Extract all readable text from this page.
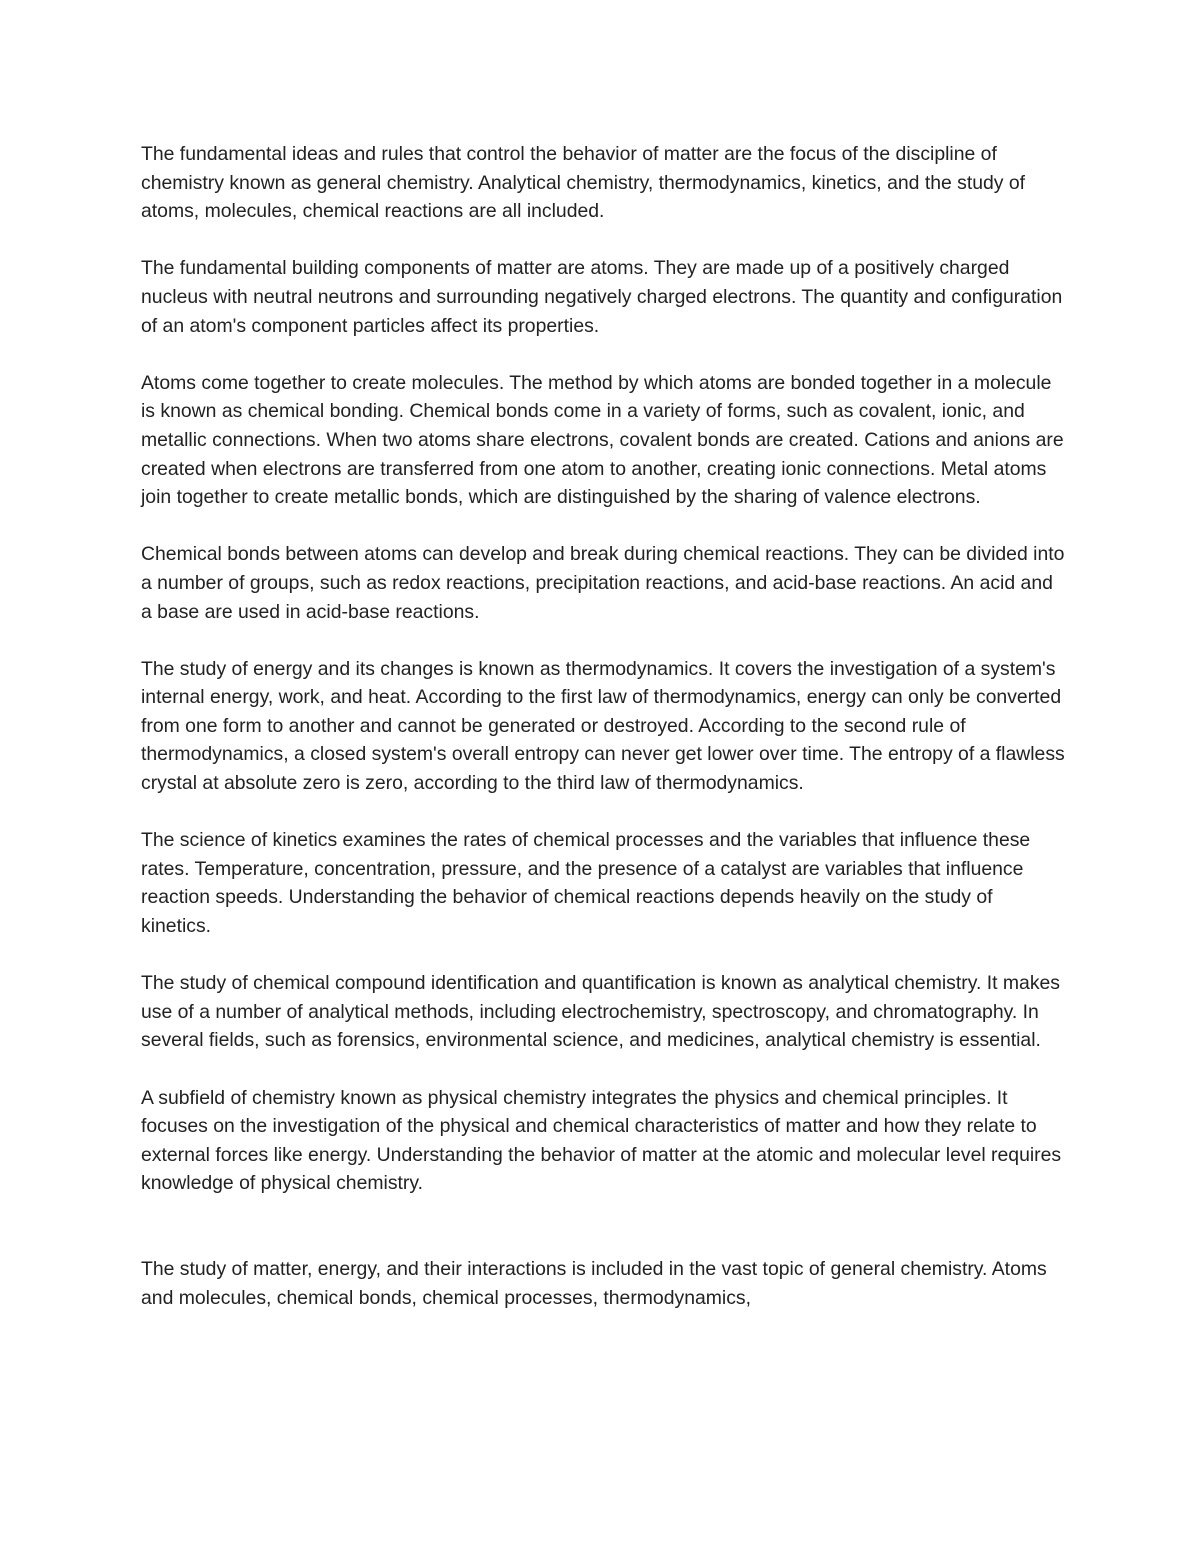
The fundamental ideas and rules that control the behavior of matter are the focus of the discipline of chemistry known as general chemistry. Analytical chemistry, thermodynamics, kinetics, and the study of atoms, molecules, chemical reactions are all included.

The fundamental building components of matter are atoms. They are made up of a positively charged nucleus with neutral neutrons and surrounding negatively charged electrons. The quantity and configuration of an atom's component particles affect its properties.

Atoms come together to create molecules. The method by which atoms are bonded together in a molecule is known as chemical bonding. Chemical bonds come in a variety of forms, such as covalent, ionic, and metallic connections. When two atoms share electrons, covalent bonds are created. Cations and anions are created when electrons are transferred from one atom to another, creating ionic connections. Metal atoms join together to create metallic bonds, which are distinguished by the sharing of valence electrons.

Chemical bonds between atoms can develop and break during chemical reactions. They can be divided into a number of groups, such as redox reactions, precipitation reactions, and acid-base reactions. An acid and a base are used in acid-base reactions.

The study of energy and its changes is known as thermodynamics. It covers the investigation of a system's internal energy, work, and heat. According to the first law of thermodynamics, energy can only be converted from one form to another and cannot be generated or destroyed. According to the second rule of thermodynamics, a closed system's overall entropy can never get lower over time. The entropy of a flawless crystal at absolute zero is zero, according to the third law of thermodynamics.

The science of kinetics examines the rates of chemical processes and the variables that influence these rates. Temperature, concentration, pressure, and the presence of a catalyst are variables that influence reaction speeds. Understanding the behavior of chemical reactions depends heavily on the study of kinetics.

The study of chemical compound identification and quantification is known as analytical chemistry. It makes use of a number of analytical methods, including electrochemistry, spectroscopy, and chromatography. In several fields, such as forensics, environmental science, and medicines, analytical chemistry is essential.

A subfield of chemistry known as physical chemistry integrates the physics and chemical principles. It focuses on the investigation of the physical and chemical characteristics of matter and how they relate to external forces like energy. Understanding the behavior of matter at the atomic and molecular level requires knowledge of physical chemistry.

The study of matter, energy, and their interactions is included in the vast topic of general chemistry. Atoms and molecules, chemical bonds, chemical processes, thermodynamics,
